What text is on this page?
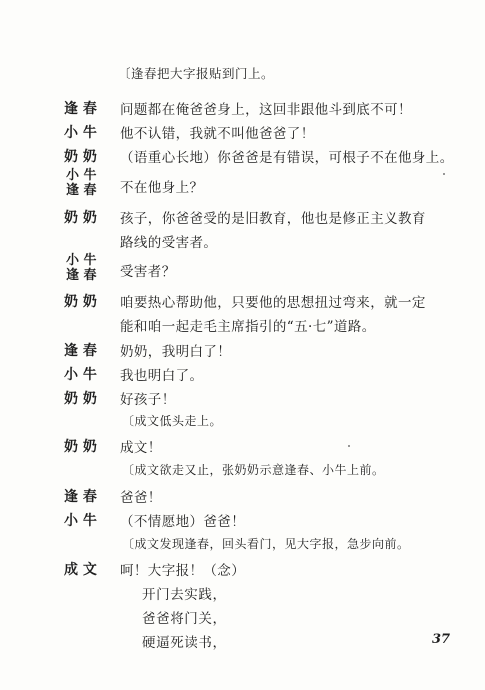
〔逢春把大字报贴到门上。
逢 春	问题都在俺爸爸身上，这回非跟他斗到底不可！
小 牛	他不认错，我就不叫他爸爸了！
奶 奶	（语重心长地）你爸爸是有错误，可根子不在他身上。
小 牛
逢 春	不在他身上？
奶 奶	孩子，你爸爸受的是旧教育，他也是修正主义教育
路线的受害者。
小 牛
逢 春	受害者？
奶 奶	咱要热心帮助他，只要他的思想扭过弯来，就一定
能和咱一起走毛主席指引的“五·七”道路。
逢 春	奶奶，我明白了！
小 牛	我也明白了。
奶 奶	好孩子！
〔成文低头走上。
奶 奶	成文！
〔成文欲走又止，张奶奶示意逢春、小牛上前。
逢 春	爸爸！
小 牛	（不情愿地）爸爸！
〔成文发现逢春，回头看门，见大字报，急步向前。
成 文	呵！大字报！（念）
开门去实践，
爸爸将门关，
硬逼死读书，	37
